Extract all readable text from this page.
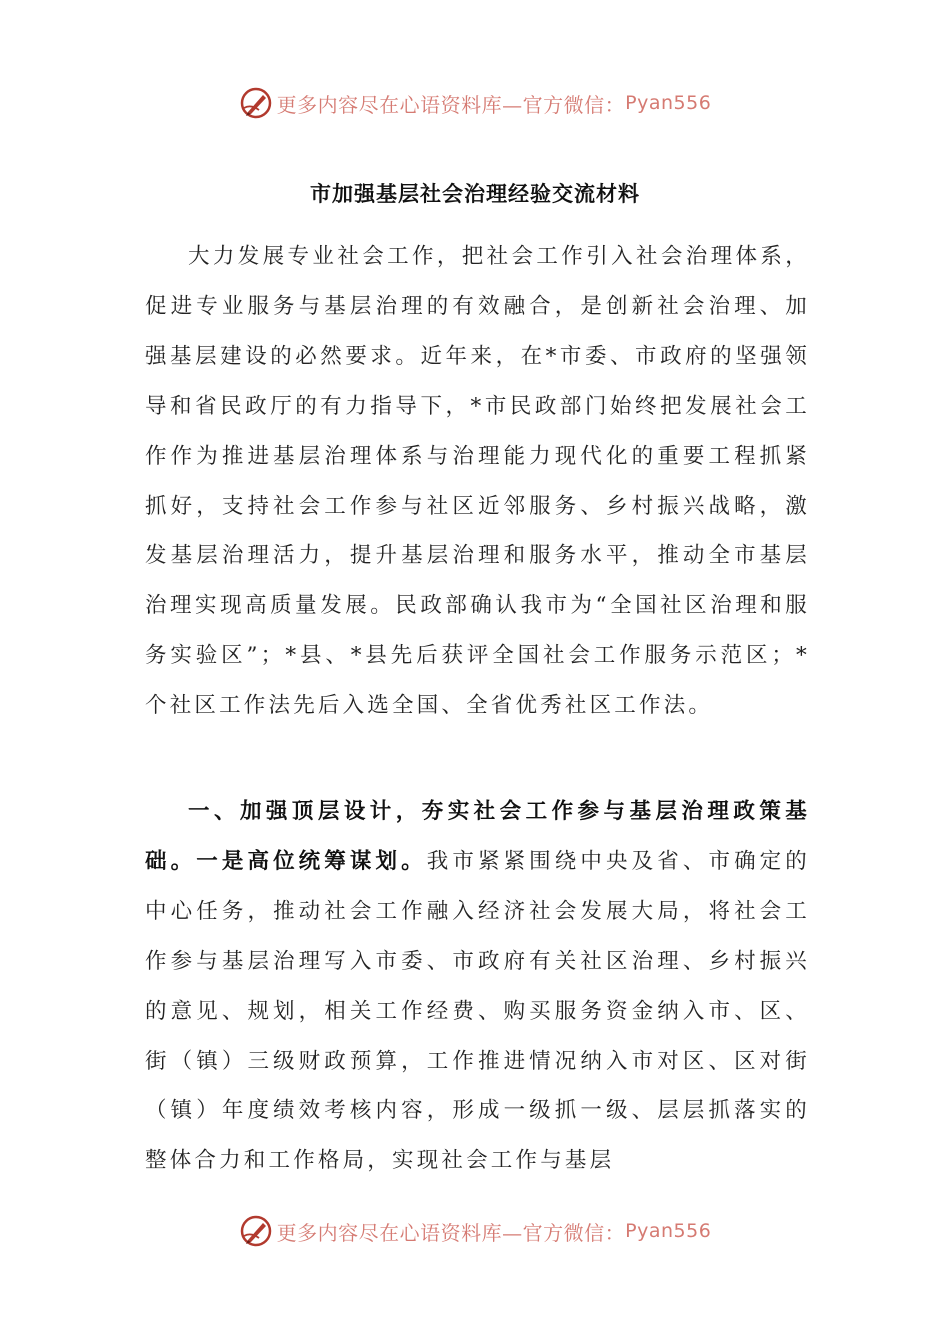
更多内容尽在心语资料库—官方微信： Pyan556
市加强基层社会治理经验交流材料

大力发展专业社会工作，把社会工作引入社会治理体系，促进专业服务与基层治理的有效融合，是创新社会治理、加强基层建设的必然要求。近年来，在*市委、市政府的坚强领导和省民政厅的有力指导下，*市民政部门始终把发展社会工作作为推进基层治理体系与治理能力现代化的重要工程抓紧抓好，支持社会工作参与社区近邻服务、乡村振兴战略，激发基层治理活力，提升基层治理和服务水平，推动全市基层治理实现高质量发展。民政部确认我市为“全国社区治理和服务实验区”；*县、*县先后获评全国社会工作服务示范区；*个社区工作法先后入选全国、全省优秀社区工作法。

一、加强顶层设计，夯实社会工作参与基层治理政策基础。一是高位统筹谋划。我市紧紧围绕中央及省、市确定的中心任务，推动社会工作融入经济社会发展大局，将社会工作参与基层治理写入市委、市政府有关社区治理、乡村振兴的意见、规划，相关工作经费、购买服务资金纳入市、区、街（镇）三级财政预算，工作推进情况纳入市对区、区对街（镇）年度绩效考核内容，形成一级抓一级、层层抓落实的整体合力和工作格局，实现社会工作与基层

更多内容尽在心语资料库—官方微信： Pyan556
